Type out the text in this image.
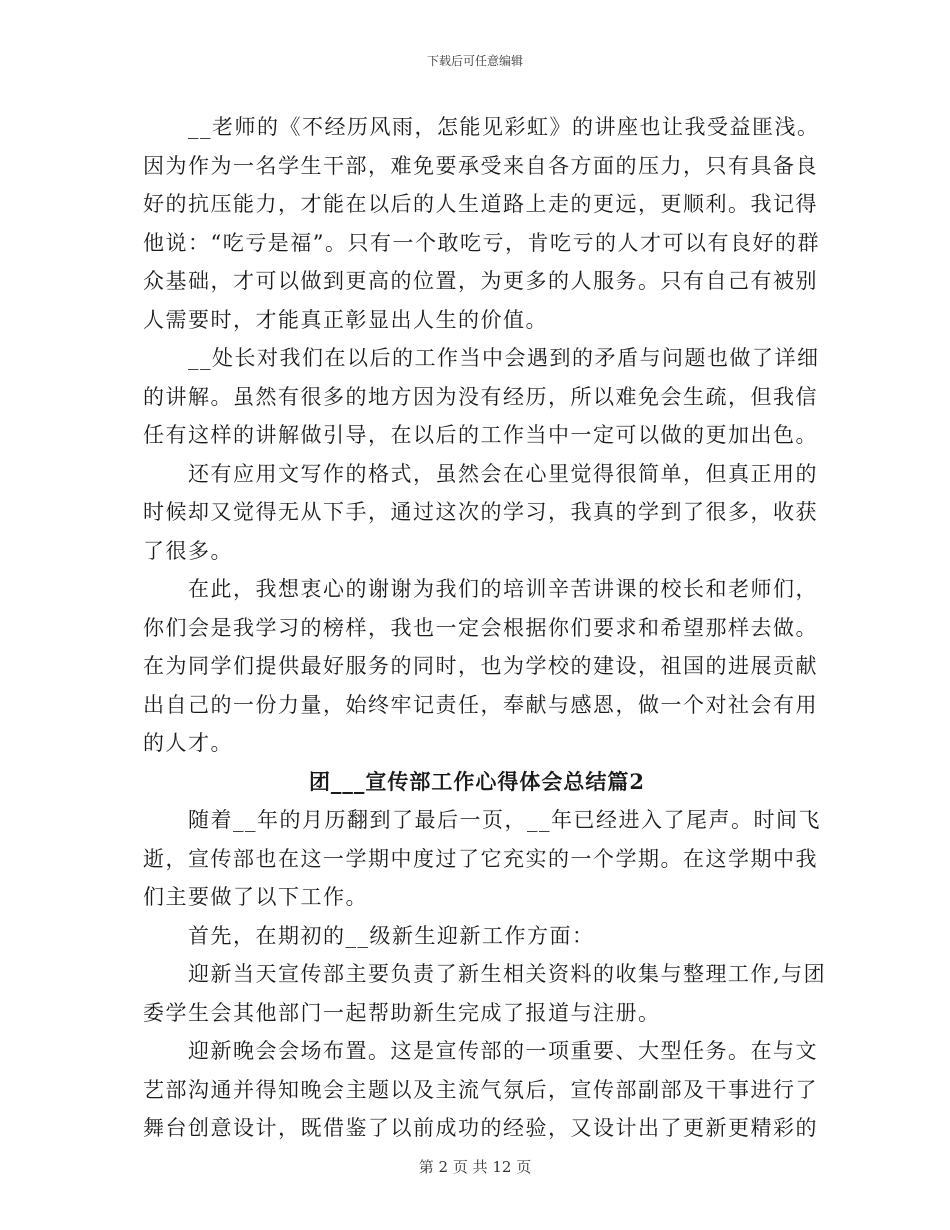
下载后可任意编辑

　　__老师的《不经历风雨，怎能见彩虹》的讲座也让我受益匪浅。
因为作为一名学生干部，难免要承受来自各方面的压力，只有具备良
好的抗压能力，才能在以后的人生道路上走的更远，更顺利。我记得
他说：“吃亏是福”。只有一个敢吃亏，肯吃亏的人才可以有良好的群
众基础，才可以做到更高的位置，为更多的人服务。只有自己有被别
人需要时，才能真正彰显出人生的价值。

　　__处长对我们在以后的工作当中会遇到的矛盾与问题也做了详细
的讲解。虽然有很多的地方因为没有经历，所以难免会生疏，但我信
任有这样的讲解做引导，在以后的工作当中一定可以做的更加出色。

　　还有应用文写作的格式，虽然会在心里觉得很简单，但真正用的
时候却又觉得无从下手，通过这次的学习，我真的学到了很多，收获
了很多。

　　在此，我想衷心的谢谢为我们的培训辛苦讲课的校长和老师们，
你们会是我学习的榜样，我也一定会根据你们要求和希望那样去做。
在为同学们提供最好服务的同时，也为学校的建设，祖国的进展贡献
出自己的一份力量，始终牢记责任，奉献与感恩，做一个对社会有用
的人才。

团___宣传部工作心得体会总结篇2

　　随着__年的月历翻到了最后一页，__年已经进入了尾声。时间飞
逝，宣传部也在这一学期中度过了它充实的一个学期。在这学期中我
们主要做了以下工作。

　　首先，在期初的__级新生迎新工作方面：

　　迎新当天宣传部主要负责了新生相关资料的收集与整理工作,与团
委学生会其他部门一起帮助新生完成了报道与注册。

　　迎新晚会会场布置。这是宣传部的一项重要、大型任务。在与文
艺部沟通并得知晚会主题以及主流气氛后，宣传部副部及干事进行了
舞台创意设计，既借鉴了以前成功的经验，又设计出了更新更精彩的

第 2 页 共 12 页
